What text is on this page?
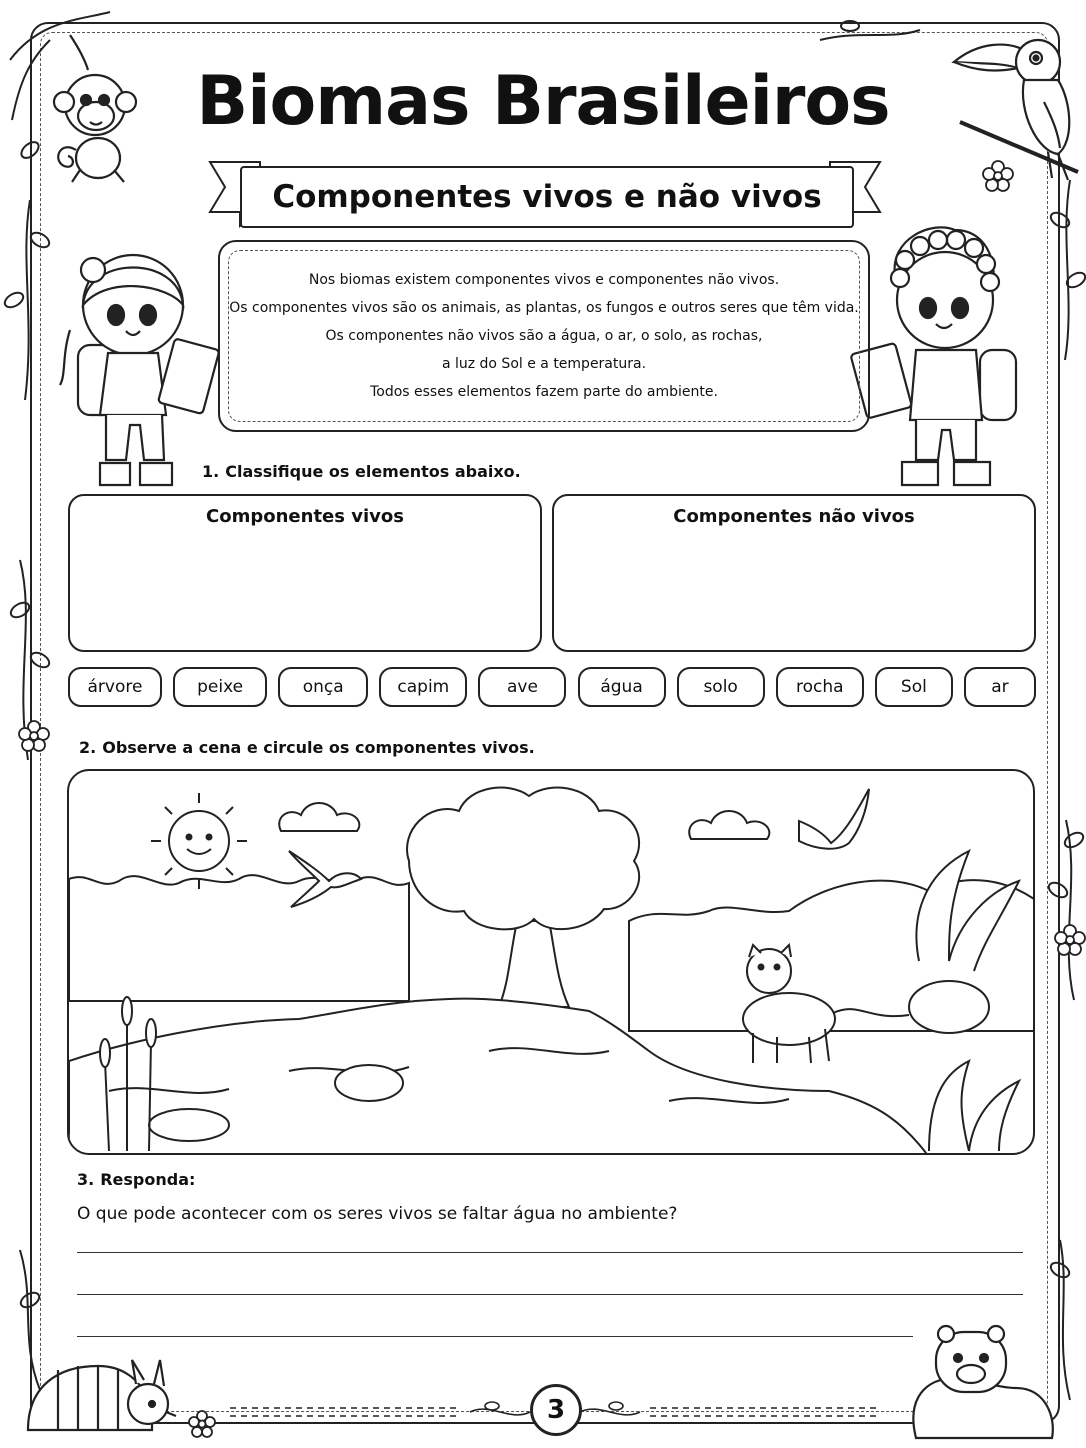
Biomas Brasileiros
Componentes vivos e não vivos
Nos biomas existem componentes vivos e componentes não vivos.
Os componentes vivos são os animais, as plantas, os fungos e outros seres que têm vida.
Os componentes não vivos são a água, o ar, o solo, as rochas,
a luz do Sol e a temperatura.
Todos esses elementos fazem parte do ambiente.
1. Classifique os elementos abaixo.
Componentes vivos	Componentes não vivos
árvore	peixe	onça	capim	ave	água	solo	rocha	Sol	ar
2. Observe a cena e circule os componentes vivos.
3. Responda:
O que pode acontecer com os seres vivos se faltar água no ambiente?
3
